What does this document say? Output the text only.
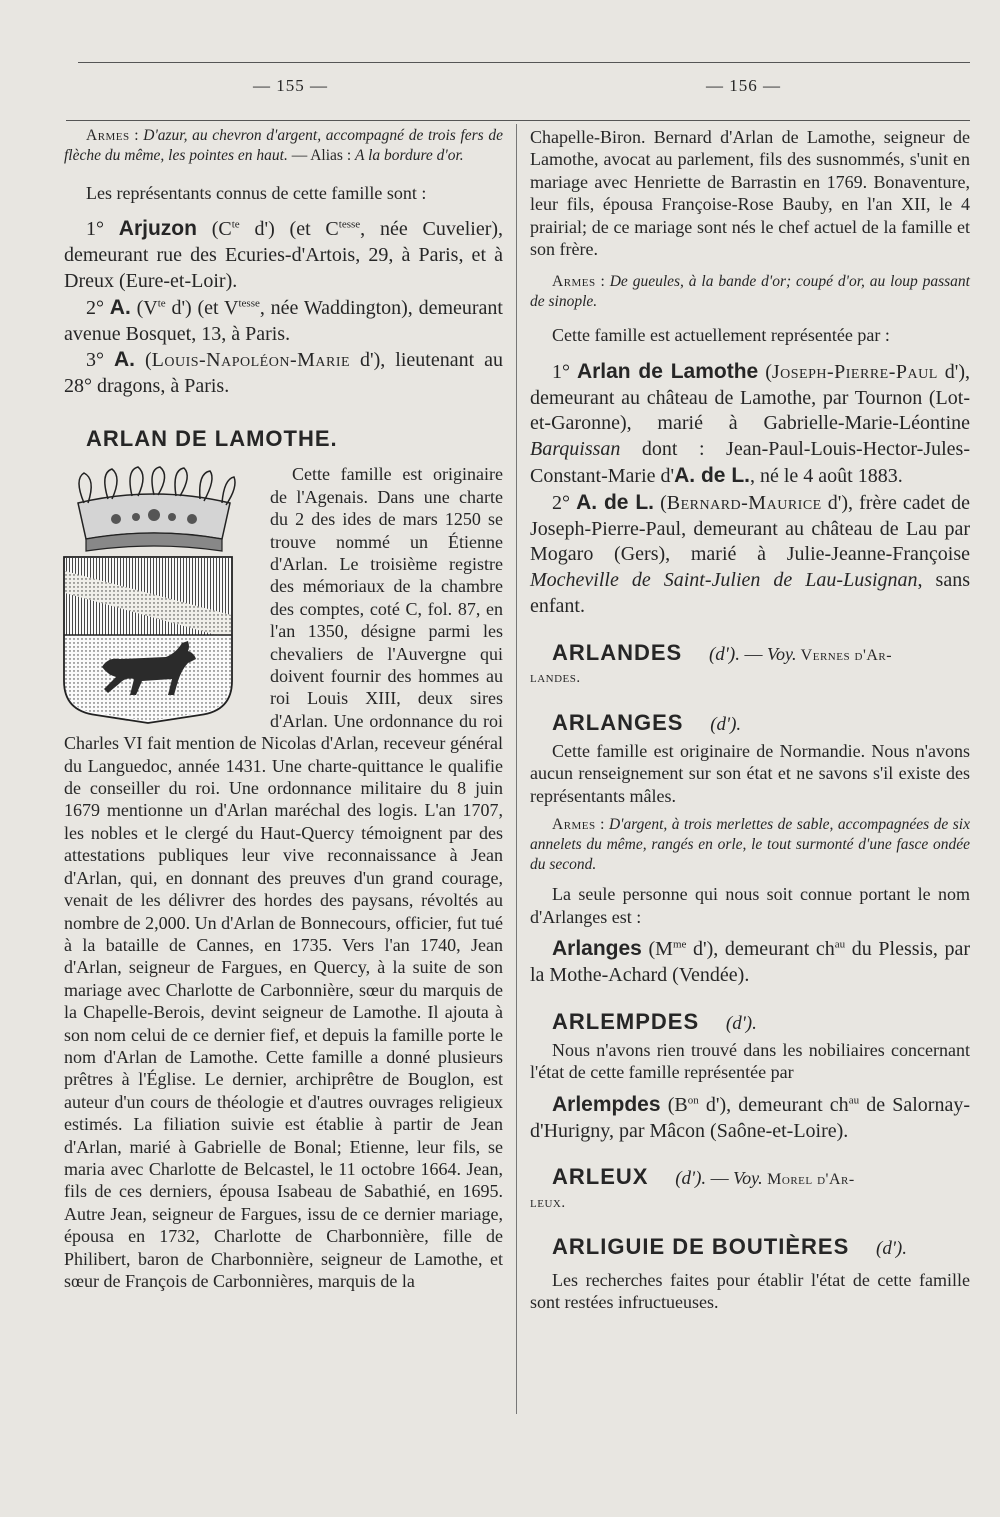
— 155 —	— 156 —

Armes : D'azur, au chevron d'argent, accompagné de trois fers de flèche du même, les pointes en haut. — Alias : A la bordure d'or.

Les représentants connus de cette famille sont :

1° Arjuzon ($C^{te}$ d') (et $C^{tesse}$, née Cuvelier), demeurant rue des Ecuries-d'Artois, 29, à Paris, et à Dreux (Eure-et-Loir).

2° A. ($V^{te}$ d') (et $V^{tesse}$, née Waddington), demeurant avenue Bosquet, 13, à Paris.

3° A. (Louis-Napoléon-Marie d'), lieutenant au 28° dragons, à Paris.

ARLAN DE LAMOTHE.

Cette famille est originaire de l'Agenais. Dans une charte du 2 des ides de mars 1250 se trouve nommé un Étienne d'Arlan. Le troisième registre des mémoriaux de la chambre des comptes, coté C, fol. 87, en l'an 1350, désigne parmi les chevaliers de l'Auvergne qui doivent fournir des hommes au roi Louis XIII, deux sires d'Arlan. Une ordonnance du roi Charles VI fait mention de Nicolas d'Arlan, receveur général du Languedoc, année 1431. Une charte-quittance le qualifie de conseiller du roi. Une ordonnance militaire du 8 juin 1679 mentionne un d'Arlan maréchal des logis. L'an 1707, les nobles et le clergé du Haut-Quercy témoignent par des attestations publiques leur vive reconnaissance à Jean d'Arlan, qui, en donnant des preuves d'un grand courage, venait de les délivrer des hordes des paysans, révoltés au nombre de 2,000. Un d'Arlan de Bonnecours, officier, fut tué à la bataille de Cannes, en 1735. Vers l'an 1740, Jean d'Arlan, seigneur de Fargues, en Quercy, à la suite de son mariage avec Charlotte de Carbonnière, sœur du marquis de la Chapelle-Berois, devint seigneur de Lamothe. Il ajouta à son nom celui de ce dernier fief, et depuis la famille porte le nom d'Arlan de Lamothe. Cette famille a donné plusieurs prêtres à l'Église. Le dernier, archiprêtre de Bouglon, est auteur d'un cours de théologie et d'autres ouvrages religieux estimés. La filiation suivie est établie à partir de Jean d'Arlan, marié à Gabrielle de Bonal; Etienne, leur fils, se maria avec Charlotte de Belcastel, le 11 octobre 1664. Jean, fils de ces derniers, épousa Isabeau de Sabathié, en 1695. Autre Jean, seigneur de Fargues, issu de ce dernier mariage, épousa en 1732, Charlotte de Charbonnière, fille de Philibert, baron de Charbonnière, seigneur de Lamothe, et sœur de François de Carbonnières, marquis de la

Chapelle-Biron. Bernard d'Arlan de Lamothe, seigneur de Lamothe, avocat au parlement, fils des susnommés, s'unit en mariage avec Henriette de Barrastin en 1769. Bonaventure, leur fils, épousa Françoise-Rose Bauby, en l'an XII, le 4 prairial; de ce mariage sont nés le chef actuel de la famille et son frère.

Armes : De gueules, à la bande d'or; coupé d'or, au loup passant de sinople.

Cette famille est actuellement représentée par :

1° Arlan de Lamothe (Joseph-Pierre-Paul d'), demeurant au château de Lamothe, par Tournon (Lot-et-Garonne), marié à Gabrielle-Marie-Léontine Barquissan dont : Jean-Paul-Louis-Hector-Jules-Constant-Marie d'A. de L., né le 4 août 1883.

2° A. de L. (Bernard-Maurice d'), frère cadet de Joseph-Pierre-Paul, demeurant au château de Lau par Mogaro (Gers), marié à Julie-Jeanne-Françoise Mocheville de Saint-Julien de Lau-Lusignan, sans enfant.

ARLANDES (d'). — Voy. Vernes d'Ar-

landes.

ARLANGES (d').

Cette famille est originaire de Normandie. Nous n'avons aucun renseignement sur son état et ne savons s'il existe des représentants mâles.

Armes : D'argent, à trois merlettes de sable, accompagnées de six annelets du même, rangés en orle, le tout surmonté d'une fasce ondée du second.

La seule personne qui nous soit connue portant le nom d'Arlanges est :

Arlanges ($M^{me}$ d'), demeurant $ch^{au}$ du Plessis, par la Mothe-Achard (Vendée).

ARLEMPDES (d').

Nous n'avons rien trouvé dans les nobiliaires concernant l'état de cette famille représentée par

Arlempdes ($B^{on}$ d'), demeurant $ch^{au}$ de Salornay-d'Hurigny, par Mâcon (Saône-et-Loire).

ARLEUX (d'). — Voy. Morel d'Ar-

leux.

ARLIGUIE DE BOUTIÈRES (d').

Les recherches faites pour établir l'état de cette famille sont restées infructueuses.
